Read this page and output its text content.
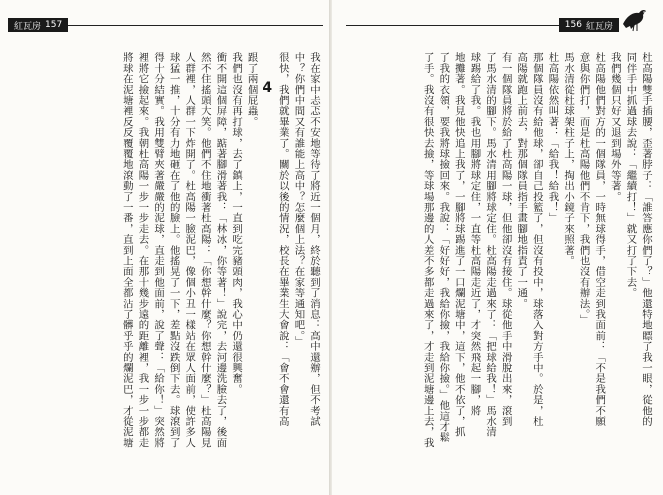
紅瓦房 157

我在家中忐忑不安地等待了將近一個月，終於聽到了消息：高中還辦，但不考試

中？你們中間又有誰能上高中？怎麼個上法？在家等通知吧。」

很快，我們就畢業了。關於以後的情況，校長在畢業生大會說：「會不會還有高

4

跟了兩個屁蟲。

我們也沒有再打球，去了鎮上，一直到吃完豬頭肉，我心中仍還很興奮。

衝不開這個屏障，踮著腳滑著我：「林冰，你等著！」說完，去河邊洗臉去了，後面

然不住搖頭大笑。他們不住地衝著杜高陽：「你想幹什麼？你想幹什麼？」杜高陽見

人群裡，人群一下炸開了。杜高陽一臉泥巴，像個小丑一樣站在眾人面前，使許多人

球猛一推，十分有力地砸在了他的臉上。他搖晃了一下，差點沒跌倒下去。球滾到了

得十分結實。我用雙臂夾著嚴嚴的泥球，直走到他面前，說了聲：「給你！」突然將

裡將它撿起來。我朝杜高陽一步一步走去。在那十幾步遠的距離裡，我一步一步都走

將球在泥塘裡反反覆覆地滾動了一番，直到上面全都沾了髒乎乎的爛泥巴，才從泥塘

156 紅瓦房

杜高陽雙手插腰，歪著脖子：「誰答應你們了？」他還特地瞟了我一眼，從他的

同伴手中抓過球去說：「繼續打！」就又打了下去。

我們幾個只好又退到場外等著。

杜高陽他們對方的一個隊員，一時無球得手，借空走到我面前：「不是我們不願

意與你們打，而是杜高陽他們不肯下，我們也沒有辦法。」

馬水清從杜球架柱子上，掏出小鏡子來照著。

杜高陽依然叫著：「給我！給我！」

那個隊員沒有給他球，卻自己投籃了，但沒有投中，球落入對方手中。於是，杜

高陽就跑上前去，對那個隊員指手畫腳地指責了一通。

有一個隊員將於給了杜高陽一球，但他卻沒有接住。球從他手中滑脫出來，滾到

了馬水清的腳下。馬水清用腳將球定住。杜高陽走過來了：「把球給我！」馬水清

球踢給了我。我也用腳將球定住，一直等杜高陽走近了，才突然飛起一腳，將

地攤著。我見他快追上我了，一腳將球踢進了一口爛泥塘中，這下，他不依了，抓

了我的衣領，要我將球撿回來。我說：「好好好，我給你撿，我給你撿。」他這才鬆

了手。我沒有很快去撿，等球場那邊的人差不多都走過來了，才走到泥塘邊上去，我
